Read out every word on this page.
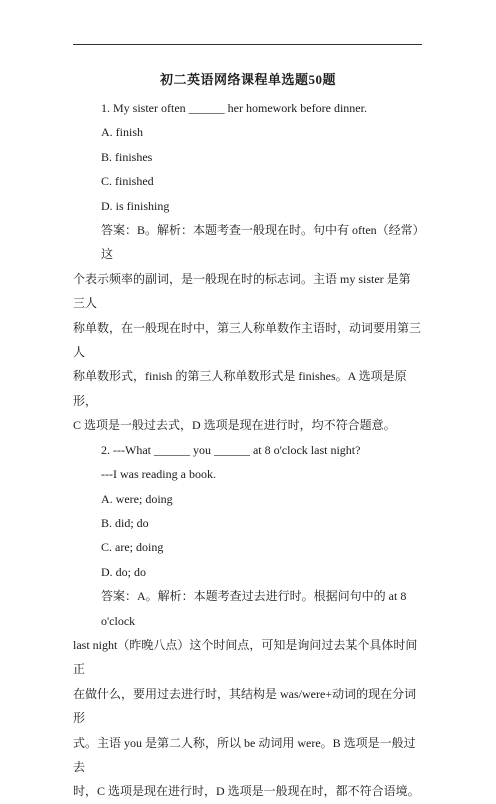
初二英语网络课程单选题50题

1. My sister often ______ her homework before dinner.

A. finish

B. finishes

C. finished

D. is finishing

答案：B。解析：本题考查一般现在时。句中有 often（经常）这

个表示频率的副词，是一般现在时的标志词。主语 my sister 是第三人

称单数，在一般现在时中，第三人称单数作主语时，动词要用第三人

称单数形式，finish 的第三人称单数形式是 finishes。A 选项是原形，

C 选项是一般过去式，D 选项是现在进行时，均不符合题意。

2. ---What ______ you ______ at 8 o'clock last night?

---I was reading a book.

A. were; doing

B. did; do

C. are; doing

D. do; do

答案：A。解析：本题考查过去进行时。根据问句中的 at 8 o'clock

last night（昨晚八点）这个时间点，可知是询问过去某个具体时间正

在做什么，要用过去进行时，其结构是 was/were+动词的现在分词形

式。主语 you 是第二人称，所以 be 动词用 were。B 选项是一般过去

时，C 选项是现在进行时，D 选项是一般现在时，都不符合语境。
